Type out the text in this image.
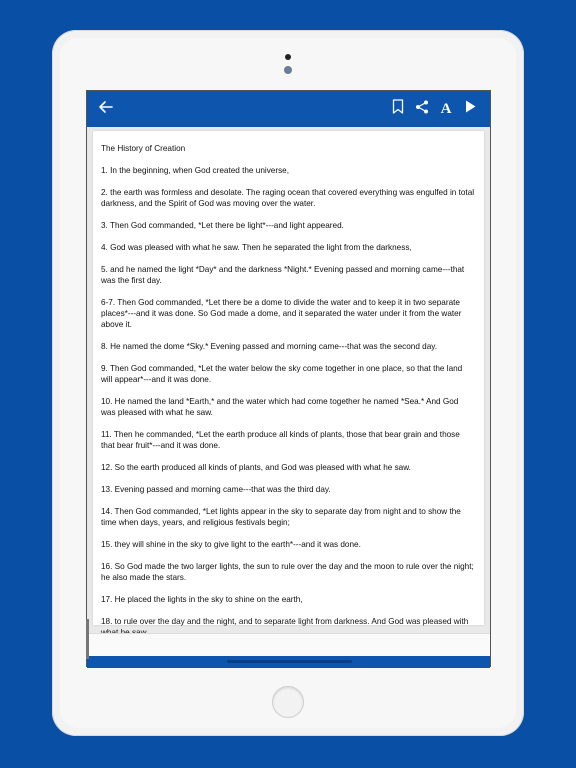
A

The History of Creation

1. In the beginning, when God created the universe,

2. the earth was formless and desolate. The raging ocean that covered everything was engulfed in total darkness, and the Spirit of God was moving over the water.

3. Then God commanded, *Let there be light*---and light appeared.

4. God was pleased with what he saw. Then he separated the light from the darkness,

5. and he named the light *Day* and the darkness *Night.* Evening passed and morning came---that was the first day.

6-7. Then God commanded, *Let there be a dome to divide the water and to keep it in two separate places*---and it was done. So God made a dome, and it separated the water under it from the water above it.

8. He named the dome *Sky.* Evening passed and morning came---that was the second day.

9. Then God commanded, *Let the water below the sky come together in one place, so that the land will appear*---and it was done.

10. He named the land *Earth,* and the water which had come together he named *Sea.* And God was pleased with what he saw.

11. Then he commanded, *Let the earth produce all kinds of plants, those that bear grain and those that bear fruit*---and it was done.

12. So the earth produced all kinds of plants, and God was pleased with what he saw.

13. Evening passed and morning came---that was the third day.

14. Then God commanded, *Let lights appear in the sky to separate day from night and to show the time when days, years, and religious festivals begin;

15. they will shine in the sky to give light to the earth*---and it was done.

16. So God made the two larger lights, the sun to rule over the day and the moon to rule over the night; he also made the stars.

17. He placed the lights in the sky to shine on the earth,

18. to rule over the day and the night, and to separate light from darkness. And God was pleased with
